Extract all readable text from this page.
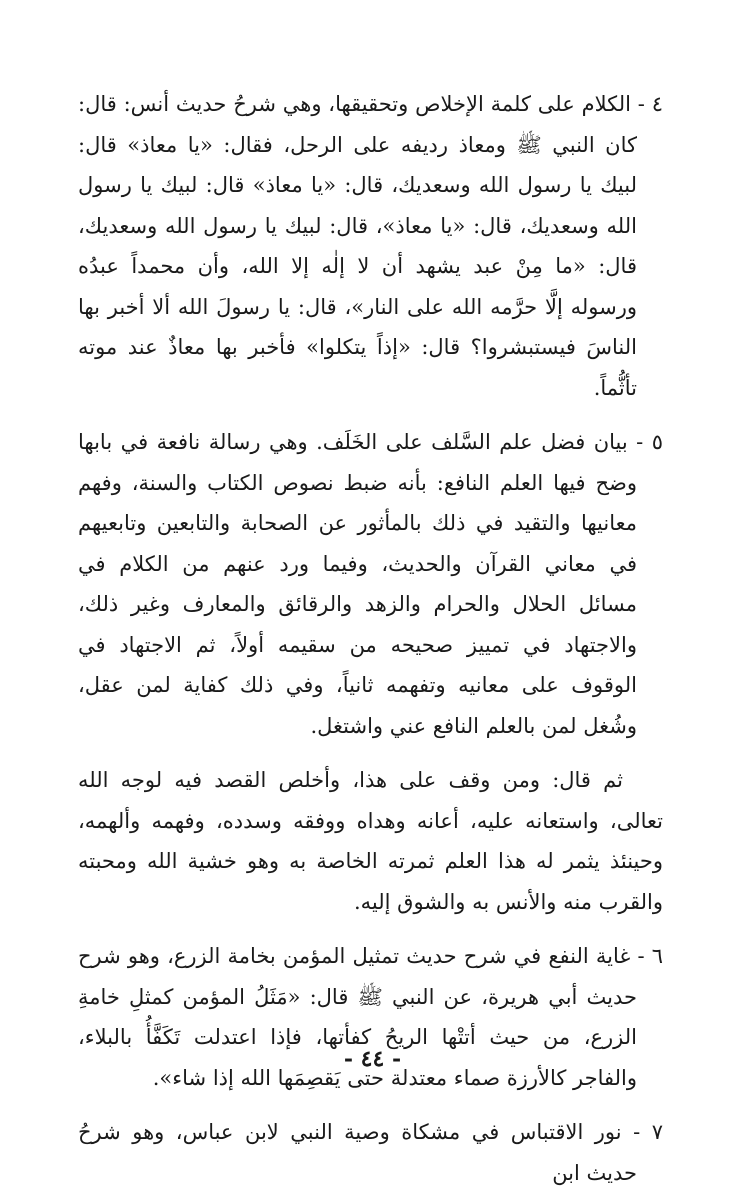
٤ - الكلام على كلمة الإخلاص وتحقيقها، وهي شرحُ حديث أنس: قال: كان النبي ﷺ ومعاذ رديفه على الرحل، فقال: «يا معاذ» قال: لبيك يا رسول الله وسعديك، قال: «يا معاذ» قال: لبيك يا رسول الله وسعديك، قال: «يا معاذ»، قال: لبيك يا رسول الله وسعديك، قال: «ما مِنْ عبد يشهد أن لا إلٰه إلا الله، وأن محمداً عبدُه ورسوله إلَّا حرَّمه الله على النار»، قال: يا رسولَ الله ألا أخبر بها الناسَ فيستبشروا؟ قال: «إذاً يتكلوا» فأخبر بها معاذٌ عند موته تأثُّماً.
٥ - بيان فضل علم السَّلف على الخَلَف. وهي رسالة نافعة في بابها وضح فيها العلم النافع: بأنه ضبط نصوص الكتاب والسنة، وفهم معانيها والتقيد في ذلك بالمأثور عن الصحابة والتابعين وتابعيهم في معاني القرآن والحديث، وفيما ورد عنهم من الكلام في مسائل الحلال والحرام والزهد والرقائق والمعارف وغير ذلك، والاجتهاد في تمييز صحيحه من سقيمه أولاً، ثم الاجتهاد في الوقوف على معانيه وتفهمه ثانياً، وفي ذلك كفاية لمن عقل، وشُغل لمن بالعلم النافع عني واشتغل.

ثم قال: ومن وقف على هذا، وأخلص القصد فيه لوجه الله تعالى، واستعانه عليه، أعانه وهداه ووفقه وسدده، وفهمه وألهمه، وحينئذ يثمر له هذا العلم ثمرته الخاصة به وهو خشية الله ومحبته والقرب منه والأنس به والشوق إليه.

٦ - غاية النفع في شرح حديث تمثيل المؤمن بخامة الزرع، وهو شرح حديث أبي هريرة، عن النبي ﷺ قال: «مَثَلُ المؤمن كمثلِ خامةِ الزرع، من حيث أتتْها الريحُ كفأتها، فإذا اعتدلت تَكَفَّأُ بالبلاء، والفاجر كالأرزة صماء معتدلة حتى يَقصِمَها الله إذا شاء».
٧ - نور الاقتباس في مشكاة وصية النبي لابن عباس، وهو شرحُ حديث ابن
- ٤٤ -
